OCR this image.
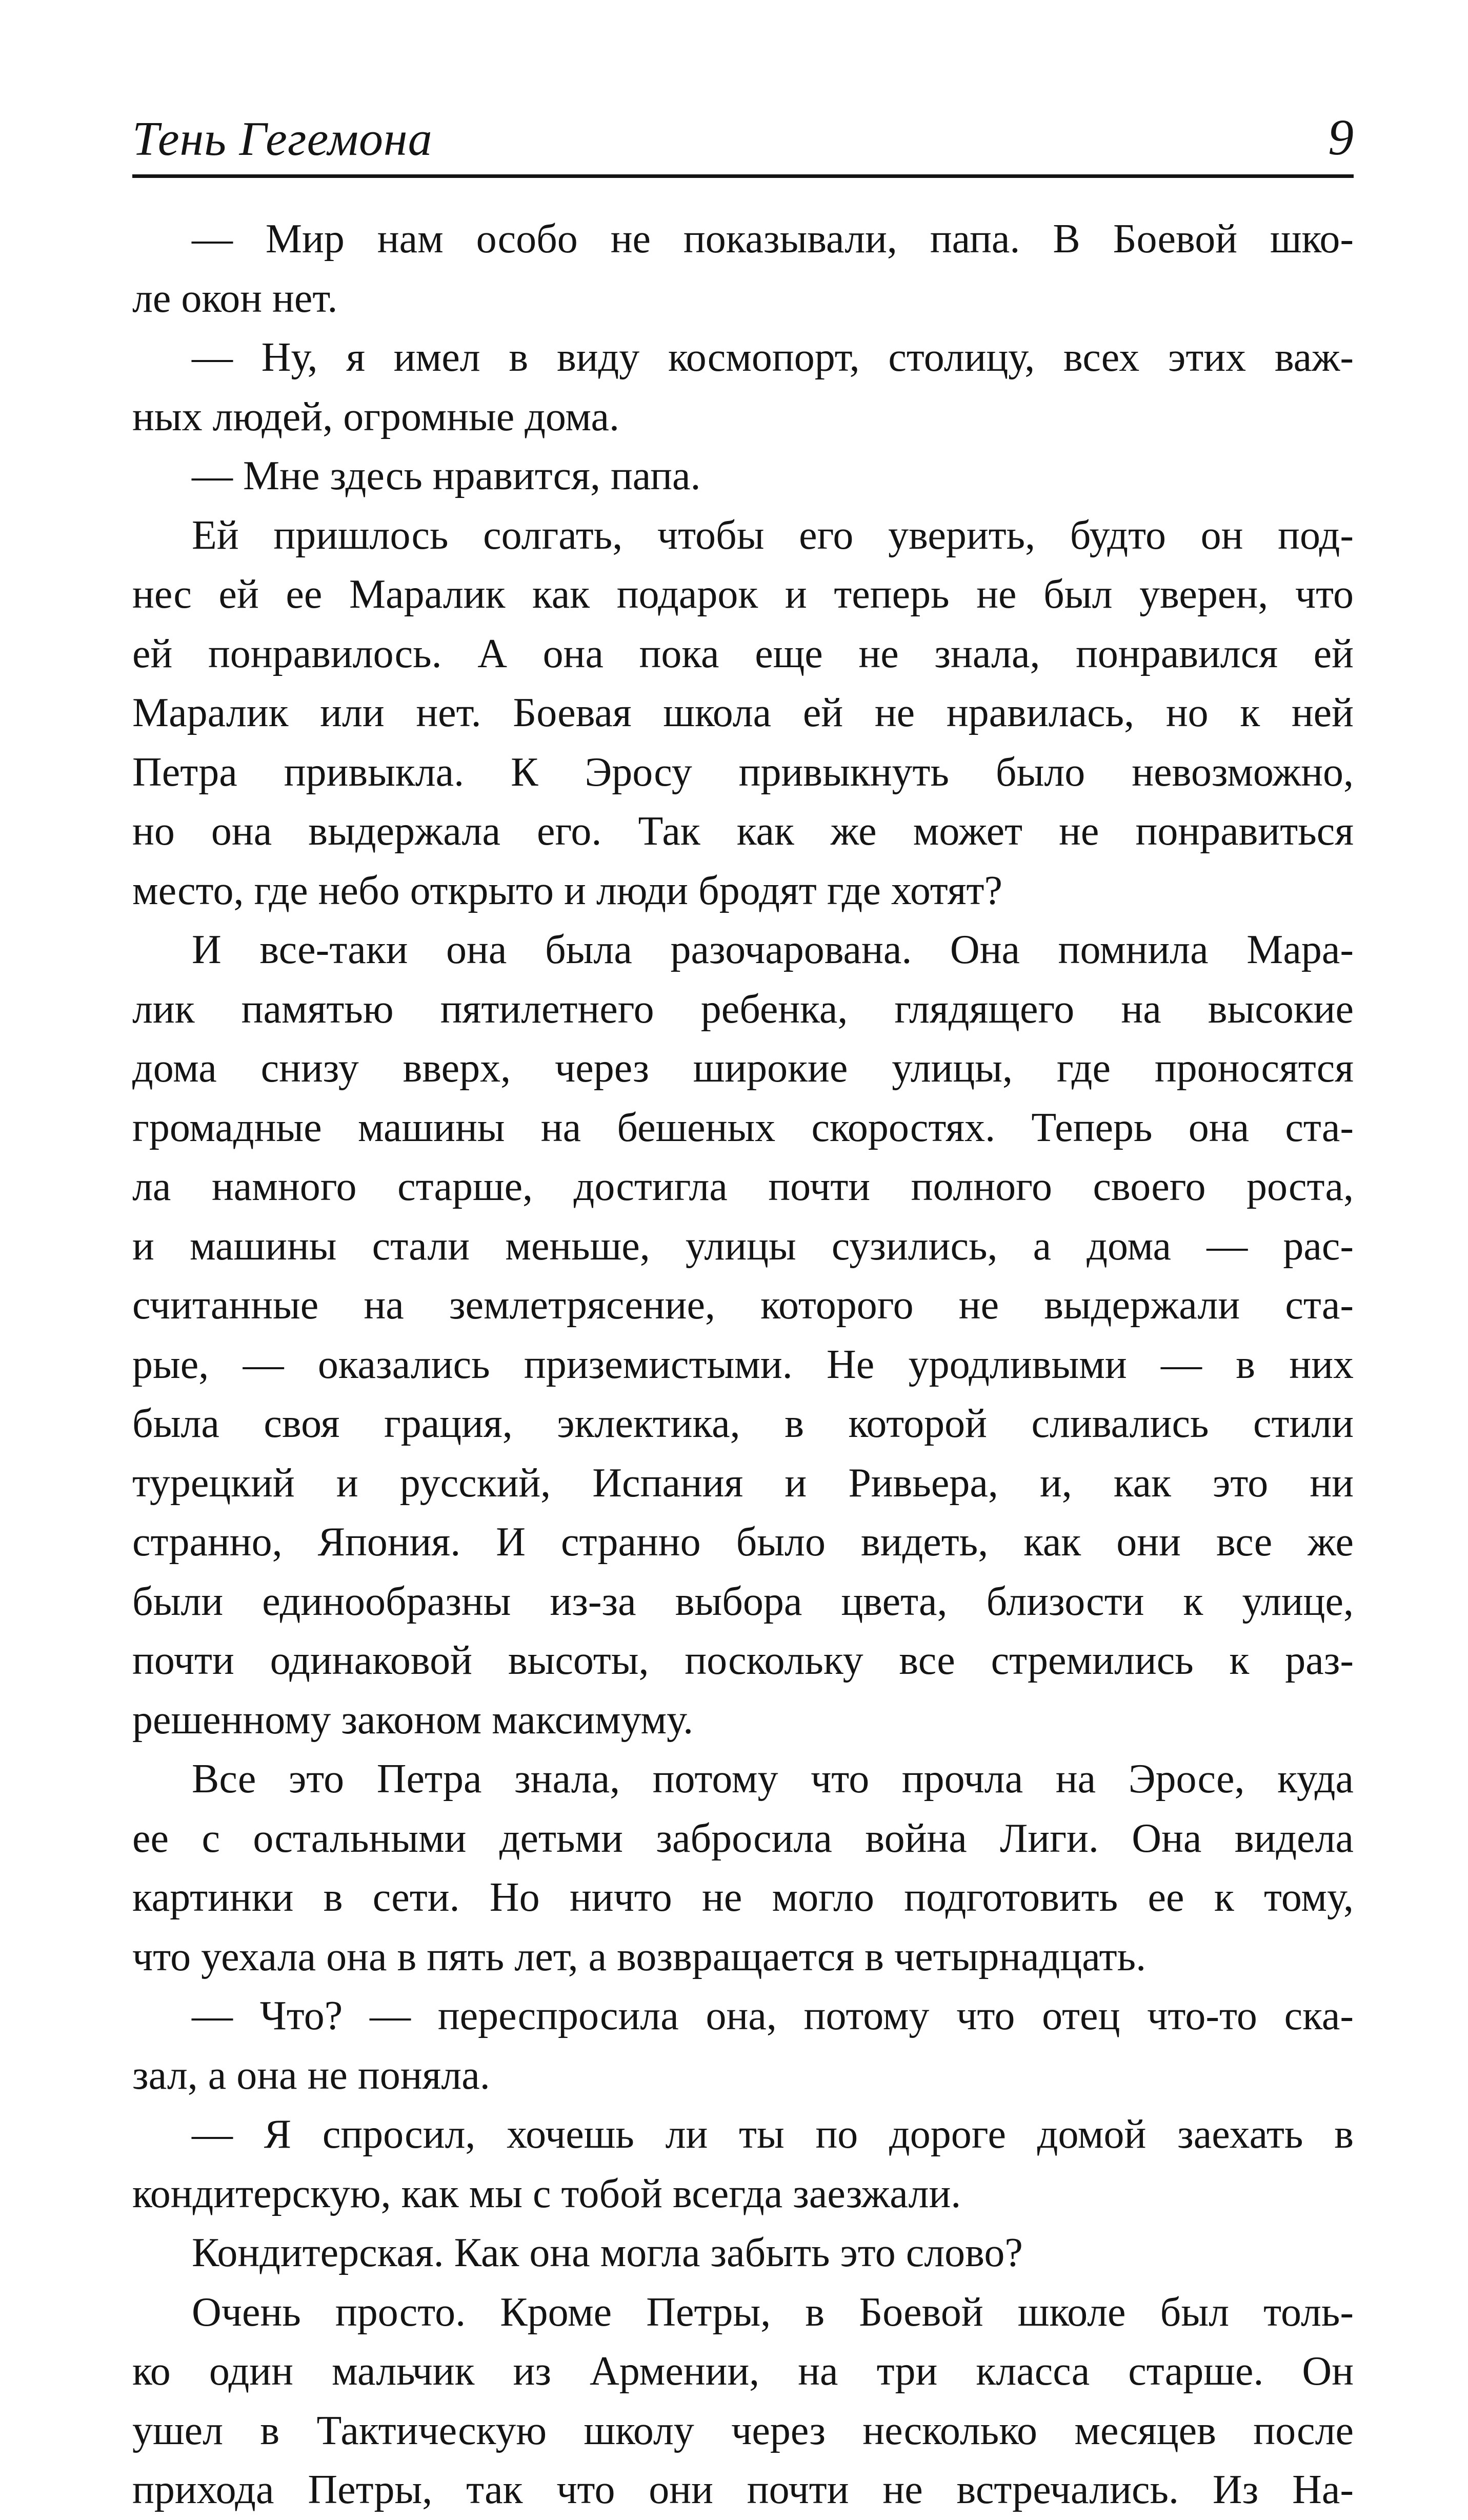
Тень Гегемона	9
— Мир нам особо не показывали, папа. В Боевой шко-
ле окон нет.
— Ну, я имел в виду космопорт, столицу, всех этих важ-
ных людей, огромные дома.
— Мне здесь нравится, папа.
Ей пришлось солгать, чтобы его уверить, будто он под-
нес ей ее Маралик как подарок и теперь не был уверен, что
ей понравилось. А она пока еще не знала, понравился ей
Маралик или нет. Боевая школа ей не нравилась, но к ней
Петра привыкла. К Эросу привыкнуть было невозможно,
но она выдержала его. Так как же может не понравиться
место, где небо открыто и люди бродят где хотят?
И все-таки она была разочарована. Она помнила Мара-
лик памятью пятилетнего ребенка, глядящего на высокие
дома снизу вверх, через широкие улицы, где проносятся
громадные машины на бешеных скоростях. Теперь она ста-
ла намного старше, достигла почти полного своего роста,
и машины стали меньше, улицы сузились, а дома — рас-
считанные на землетрясение, которого не выдержали ста-
рые, — оказались приземистыми. Не уродливыми — в них
была своя грация, эклектика, в которой сливались стили
турецкий и русский, Испания и Ривьера, и, как это ни
странно, Япония. И странно было видеть, как они все же
были единообразны из-за выбора цвета, близости к улице,
почти одинаковой высоты, поскольку все стремились к раз-
решенному законом максимуму.
Все это Петра знала, потому что прочла на Эросе, куда
ее с остальными детьми забросила война Лиги. Она видела
картинки в сети. Но ничто не могло подготовить ее к тому,
что уехала она в пять лет, а возвращается в четырнадцать.
— Что? — переспросила она, потому что отец что-то ска-
зал, а она не поняла.
— Я спросил, хочешь ли ты по дороге домой заехать в
кондитерскую, как мы с тобой всегда заезжали.
Кондитерская. Как она могла забыть это слово?
Очень просто. Кроме Петры, в Боевой школе был толь-
ко один мальчик из Армении, на три класса старше. Он
ушел в Тактическую школу через несколько месяцев после
прихода Петры, так что они почти не встречались. Из На-
